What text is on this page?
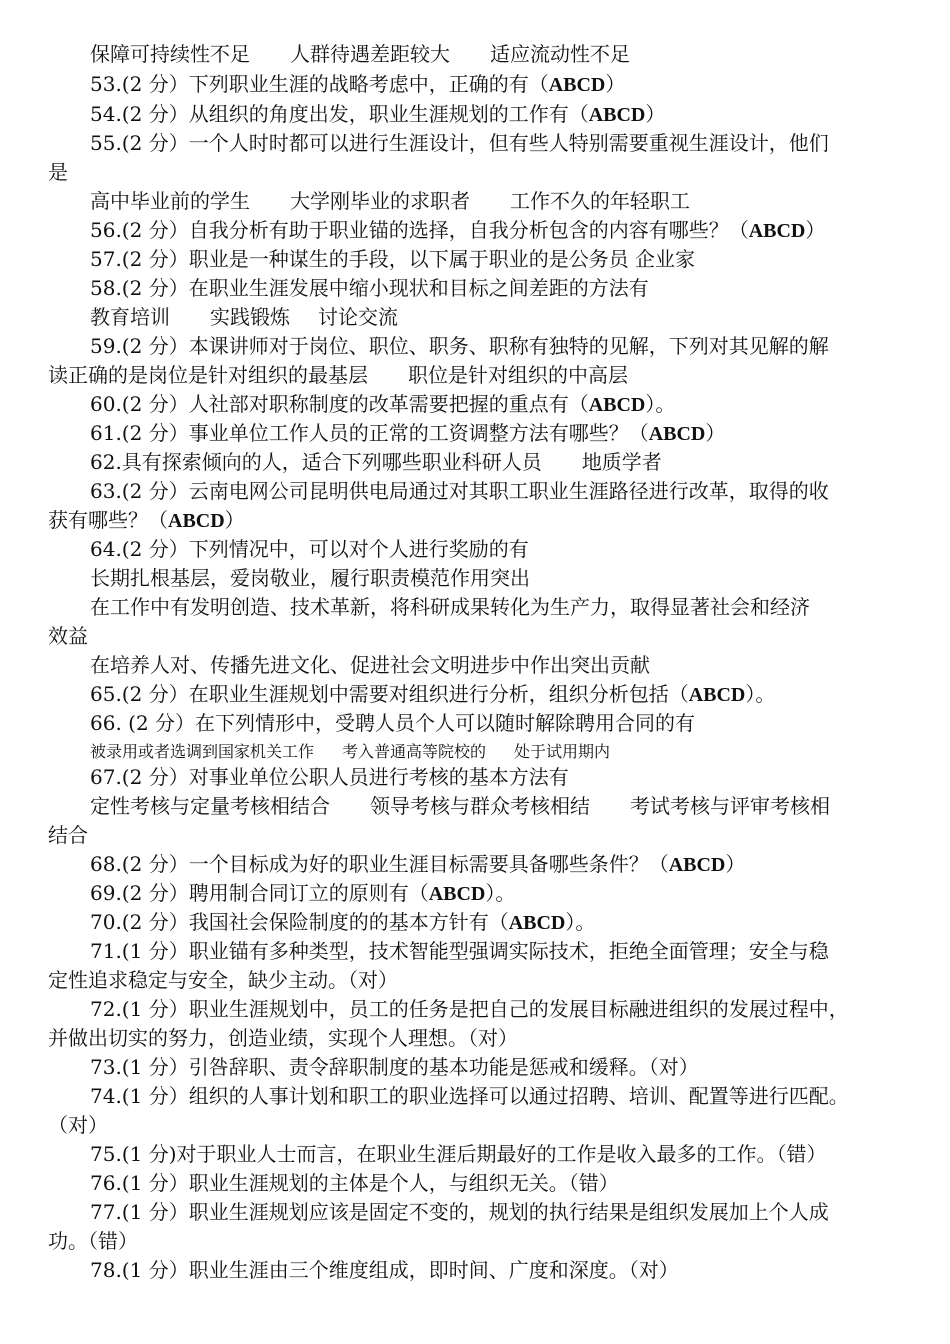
保障可持续性不足 人群待遇差距较大 适应流动性不足
53.(2 分）下列职业生涯的战略考虑中，正确的有（ABCD）
54.(2 分）从组织的角度出发，职业生涯规划的工作有（ABCD）
55.(2 分）一个人时时都可以进行生涯设计，但有些人特别需要重视生涯设计，他们
是
高中毕业前的学生 大学刚毕业的求职者 工作不久的年轻职工
56.(2 分）自我分析有助于职业锚的选择，自我分析包含的内容有哪些？（ABCD）
57.(2 分）职业是一种谋生的手段，以下属于职业的是公务员 企业家
58.(2 分）在职业生涯发展中缩小现状和目标之间差距的方法有
教育培训 实践锻炼 讨论交流
59.(2 分）本课讲师对于岗位、职位、职务、职称有独特的见解，下列对其见解的解
读正确的是岗位是针对组织的最基层 职位是针对组织的中高层
60.(2 分）人社部对职称制度的改革需要把握的重点有（ABCD）。
61.(2 分）事业单位工作人员的正常的工资调整方法有哪些？（ABCD）
62.具有探索倾向的人，适合下列哪些职业科研人员 地质学者
63.(2 分）云南电网公司昆明供电局通过对其职工职业生涯路径进行改革，取得的收
获有哪些？（ABCD）
64.(2 分）下列情况中，可以对个人进行奖励的有
长期扎根基层，爱岗敬业，履行职责模范作用突出
在工作中有发明创造、技术革新，将科研成果转化为生产力，取得显著社会和经济
效益
在培养人对、传播先进文化、促进社会文明进步中作出突出贡献
65.(2 分）在职业生涯规划中需要对组织进行分析，组织分析包括（ABCD）。
66. (2 分）在下列情形中，受聘人员个人可以随时解除聘用合同的有
被录用或者选调到国家机关工作 考入普通高等院校的 处于试用期内
67.(2 分）对事业单位公职人员进行考核的基本方法有
定性考核与定量考核相结合 领导考核与群众考核相结 考试考核与评审考核相
结合
68.(2 分）一个目标成为好的职业生涯目标需要具备哪些条件？（ABCD）
69.(2 分）聘用制合同订立的原则有（ABCD）。
70.(2 分）我国社会保险制度的的基本方针有（ABCD）。
71.(1 分）职业锚有多种类型，技术智能型强调实际技术，拒绝全面管理；安全与稳
定性追求稳定与安全，缺少主动。（对）
72.(1 分）职业生涯规划中，员工的任务是把自己的发展目标融进组织的发展过程中，
并做出切实的努力，创造业绩，实现个人理想。（对）
73.(1 分）引咎辞职、责令辞职制度的基本功能是惩戒和缓释。（对）
74.(1 分）组织的人事计划和职工的职业选择可以通过招聘、培训、配置等进行匹配。
（对）
75.(1 分)对于职业人士而言，在职业生涯后期最好的工作是收入最多的工作。（错）
76.(1 分）职业生涯规划的主体是个人，与组织无关。（错）
77.(1 分）职业生涯规划应该是固定不变的，规划的执行结果是组织发展加上个人成
功。（错）
78.(1 分）职业生涯由三个维度组成，即时间、广度和深度。（对）
